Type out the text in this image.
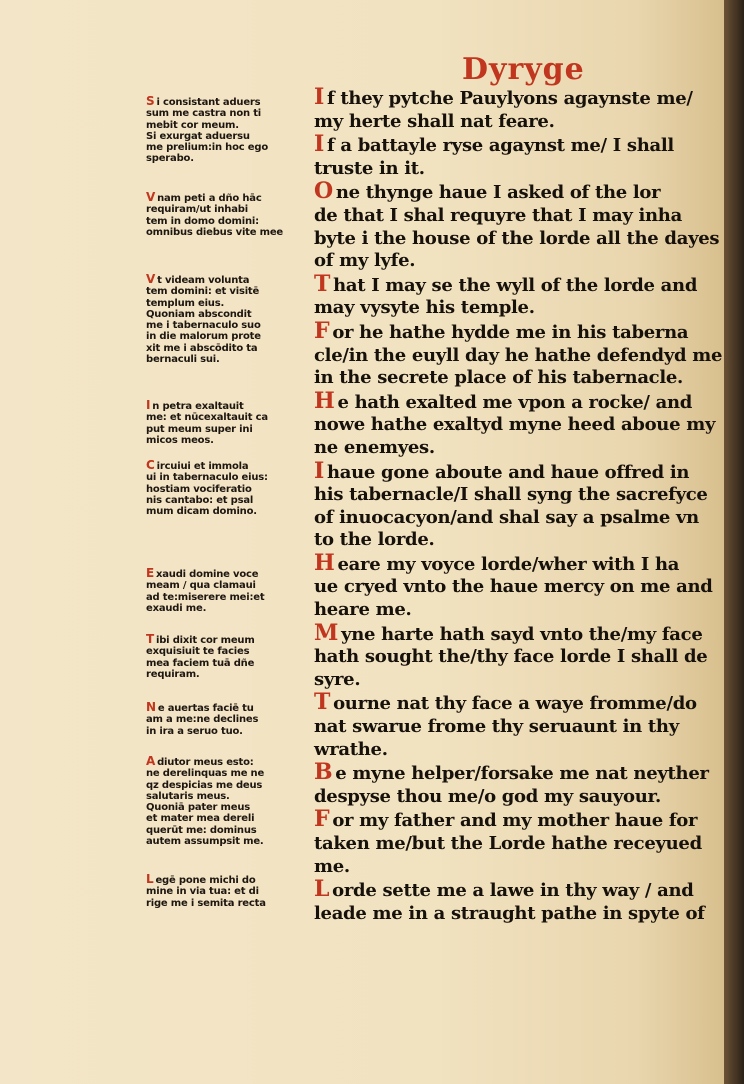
Dyryge
S i consistant aduers
sum me castra non ti
mebit cor meum.
Si exurgat aduersu
me prelium:in hoc ego
sperabo.
V nam peti a dño hāc
requiram/ut inhabi
tem in domo domini:
omnibus diebus vite mee
V t videam volunta
tem domini: et visitē
templum eius.
Quoniam abscondit
me i tabernaculo suo
in die malorum prote
xit me i abscōdito ta
bernaculi sui.
I n petra exaltauit
me: et nūcexaltauit ca
put meum super ini
micos meos.
C ircuiui et immola
ui in tabernaculo eius:
hostiam vociferatio
nis cantabo: et psal
mum dicam domino.
E xaudi domine voce
meam / qua clamaui
ad te:miserere mei:et
exaudi me.
T ibi dixit cor meum
exquisiuit te facies
mea faciem tuā dñe
requiram.
N e auertas faciē tu
am a me:ne declines
in ira a seruo tuo.
A diutor meus esto:
ne derelinquas me ne
qz despicias me deus
salutaris meus.
Quoniā pater meus
et mater mea dereli
querūt me: dominus
autem assumpsit me.
L egē pone michi do
mine in via tua: et di
rige me i semita recta
I f they pytche Pauylyons agaynste me/
my herte shall nat feare.
I f a battayle ryse agaynst me/ I shall
truste in it.
O ne thynge haue I asked of the lor
de that I shal requyre that I may inha
byte i the house of the lorde all the dayes
of my lyfe.
T hat I may se the wyll of the lorde and
may vysyte his temple.
F or he hathe hydde me in his taberna
cle/in the euyll day he hathe defendyd me
in the secrete place of his tabernacle.
H e hath exalted me vpon a rocke/ and
nowe hathe exaltyd myne heed aboue my
ne enemyes.
I haue gone aboute and haue offred in
his tabernacle/I shall syng the sacrefyce
of inuocacyon/and shal say a psalme vn
to the lorde.
H eare my voyce lorde/wher with I ha
ue cryed vnto the haue mercy on me and
heare me.
M yne harte hath sayd vnto the/my face
hath sought the/thy face lorde I shall de
syre.
T ourne nat thy face a waye fromme/do
nat swarue frome thy seruaunt in thy
wrathe.
B e myne helper/forsake me nat neyther
despyse thou me/o god my sauyour.
F or my father and my mother haue for
taken me/but the Lorde hathe receyued
me.
L orde sette me a lawe in thy way / and
leade me in a straught pathe in spyte of
